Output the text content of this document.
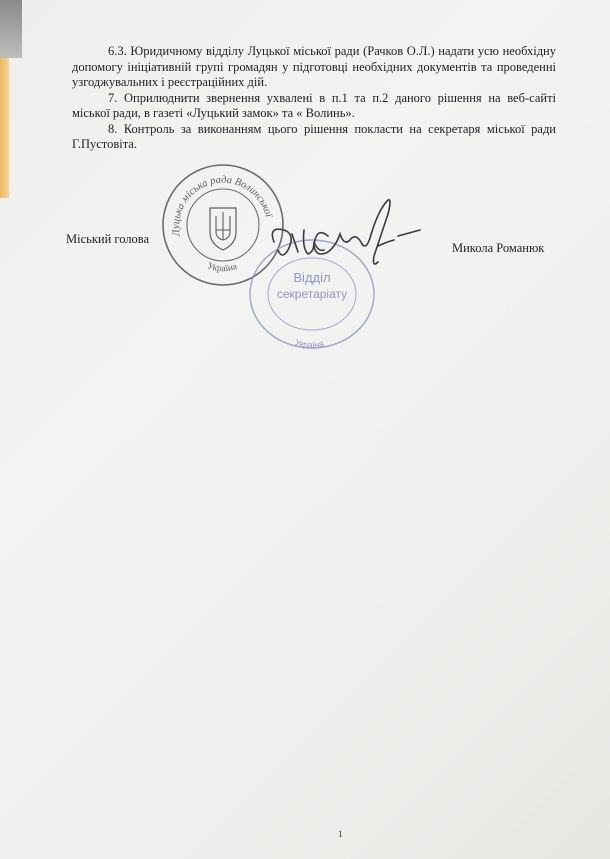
6.3. Юридичному відділу Луцької міської ради (Рачков О.Л.) надати усю необхідну допомогу ініціативній групі громадян у підготовці необхідних документів та проведенні узгоджувальних і реєстраційних дій.

7. Оприлюднити звернення ухвалені в п.1 та п.2 даного рішення на веб-сайті міської ради, в газеті «Луцький замок» та « Волинь».

8. Контроль за виконанням цього рішення покласти на секретаря міської ради Г.Пустовіта.

Луцька міська рада Волинської
Україна
Відділ
секретаріату
Україна
Міський голова
Микола Романюк
1
